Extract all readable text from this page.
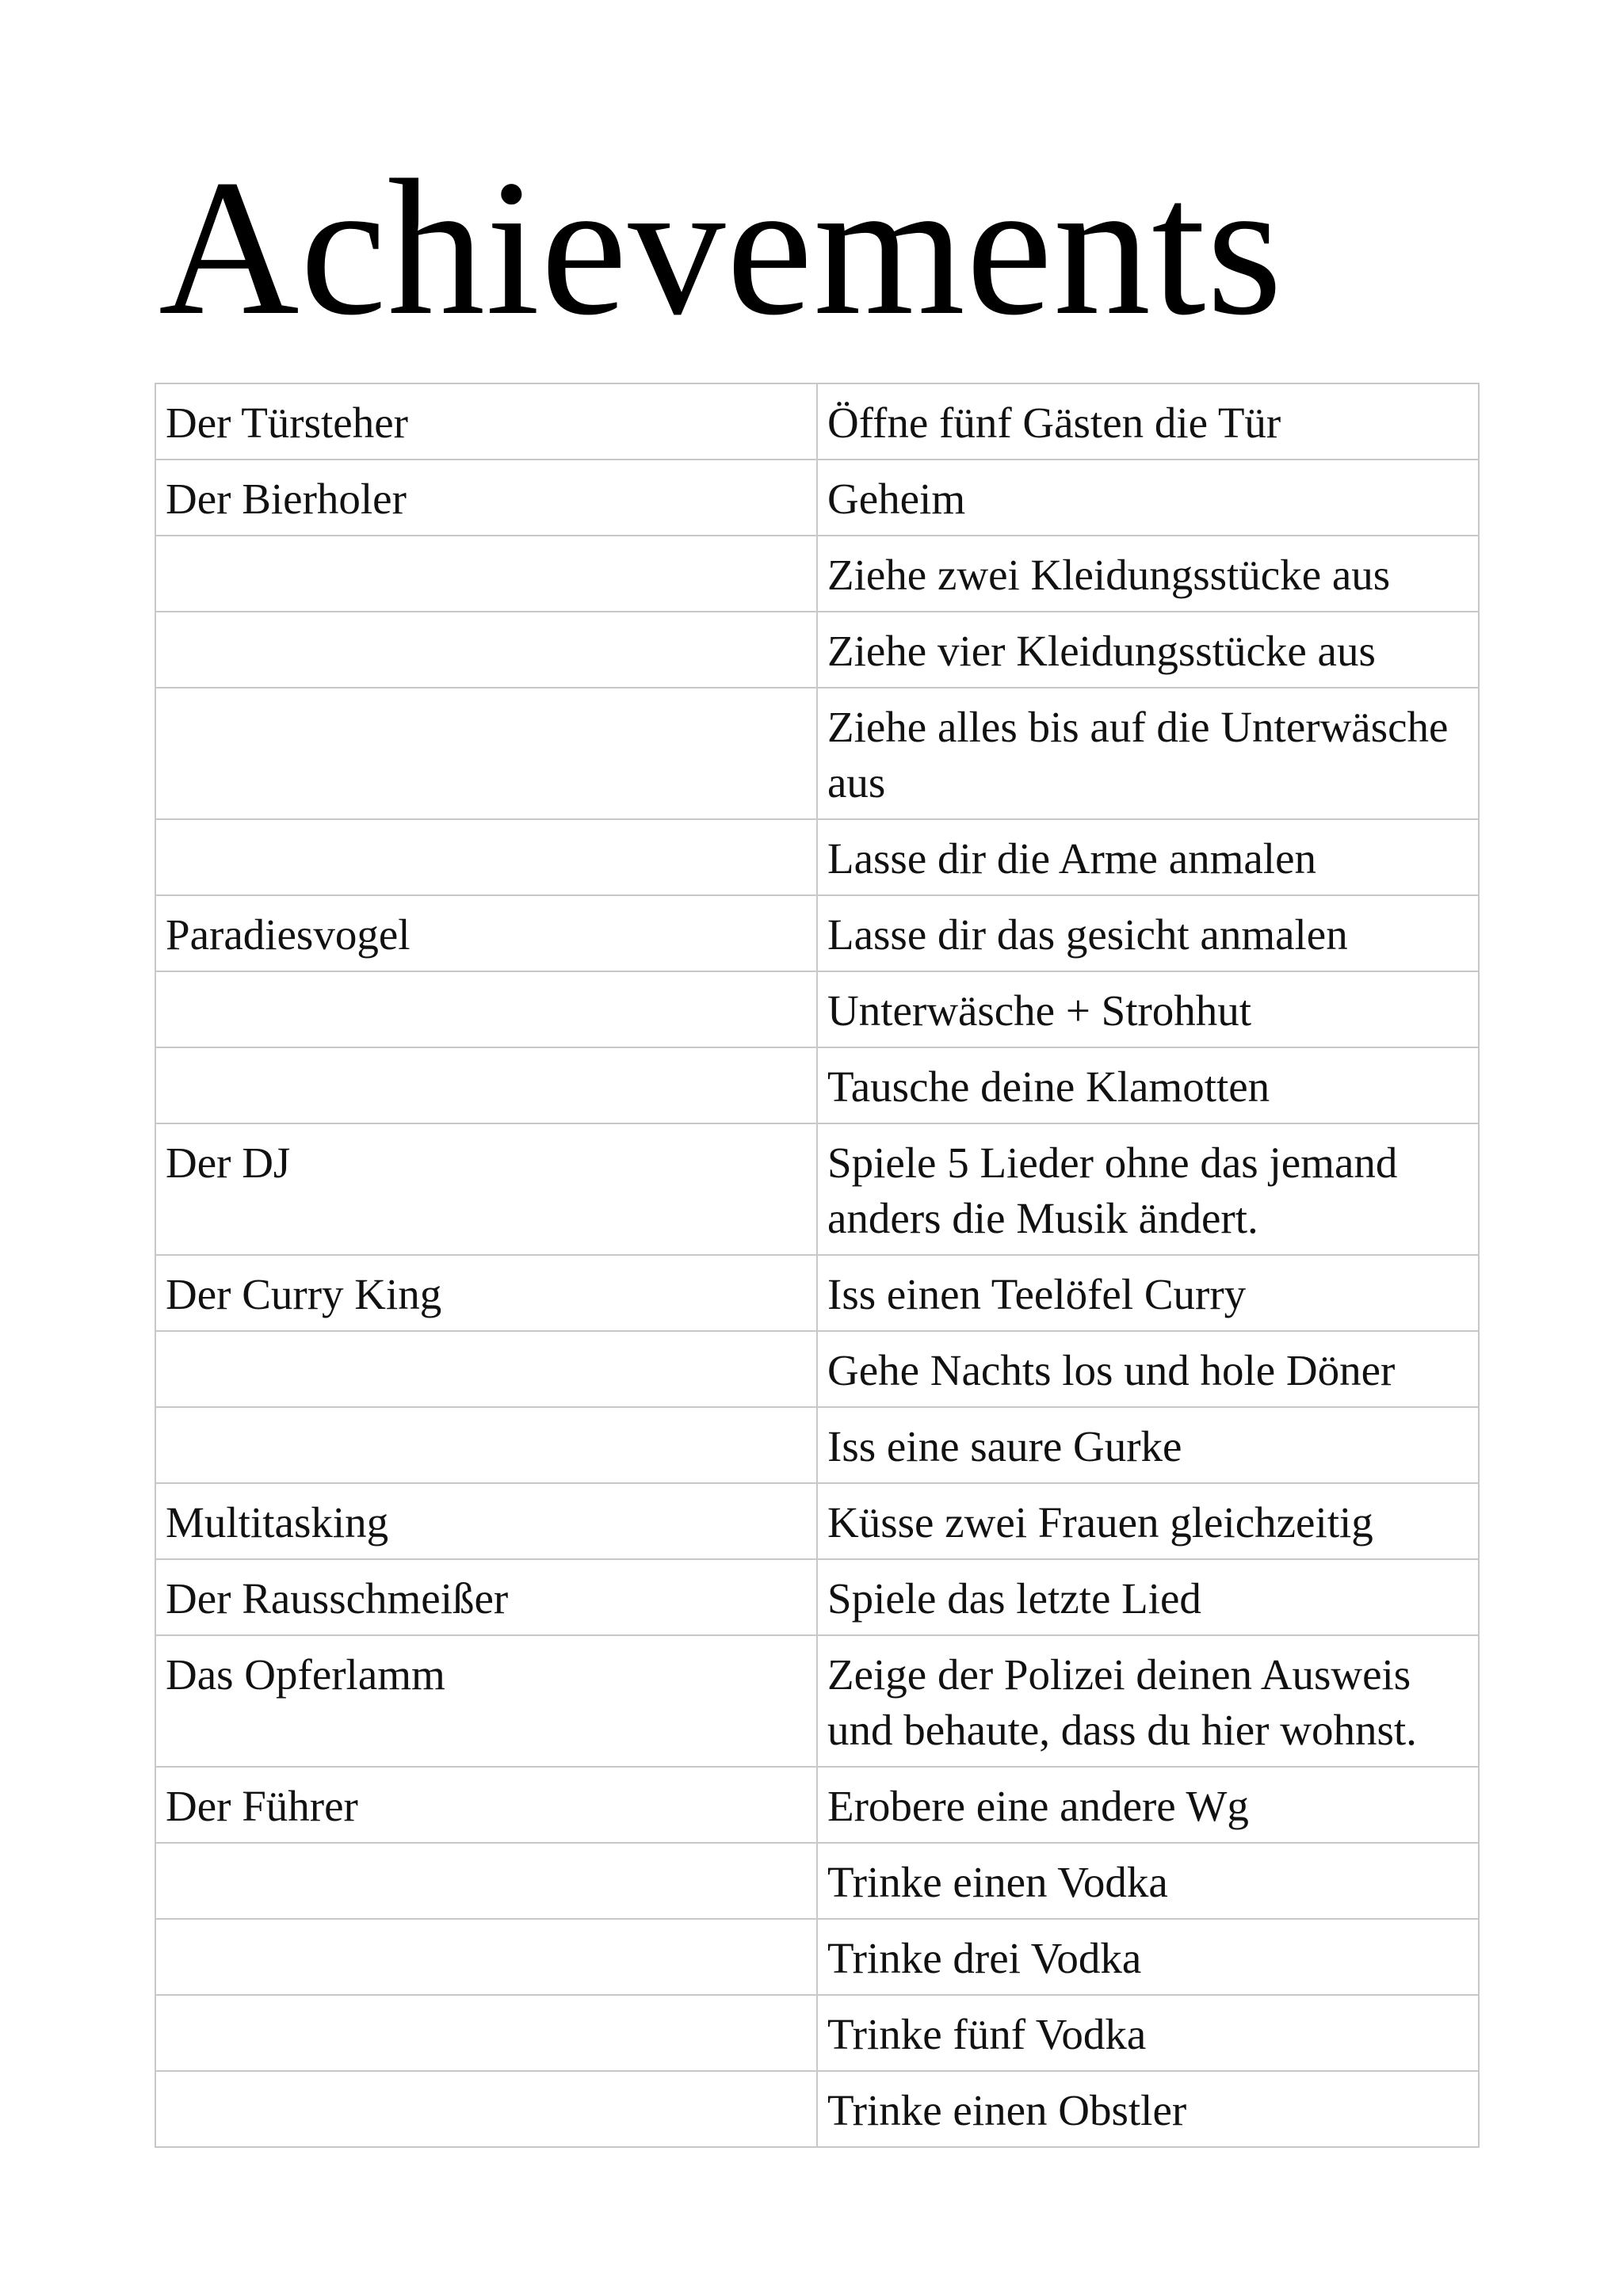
Achievements
Der Türsteher	Öffne fünf Gästen die Tür
Der Bierholer	Geheim
	Ziehe zwei Kleidungsstücke aus
	Ziehe vier Kleidungsstücke aus
	Ziehe alles bis auf die Unterwäsche aus
	Lasse dir die Arme anmalen
Paradiesvogel	Lasse dir das gesicht anmalen
	Unterwäsche + Strohhut
	Tausche deine Klamotten
Der DJ	Spiele 5 Lieder ohne das jemand anders die Musik ändert.
Der Curry King	Iss einen Teelöfel Curry
	Gehe Nachts los und hole Döner
	Iss eine saure Gurke
Multitasking	Küsse zwei Frauen gleichzeitig
Der Rausschmeißer	Spiele das letzte Lied
Das Opferlamm	Zeige der Polizei deinen Ausweis und behaute, dass du hier wohnst.
Der Führer	Erobere eine andere Wg
	Trinke einen Vodka
	Trinke drei Vodka
	Trinke fünf Vodka
	Trinke einen Obstler
